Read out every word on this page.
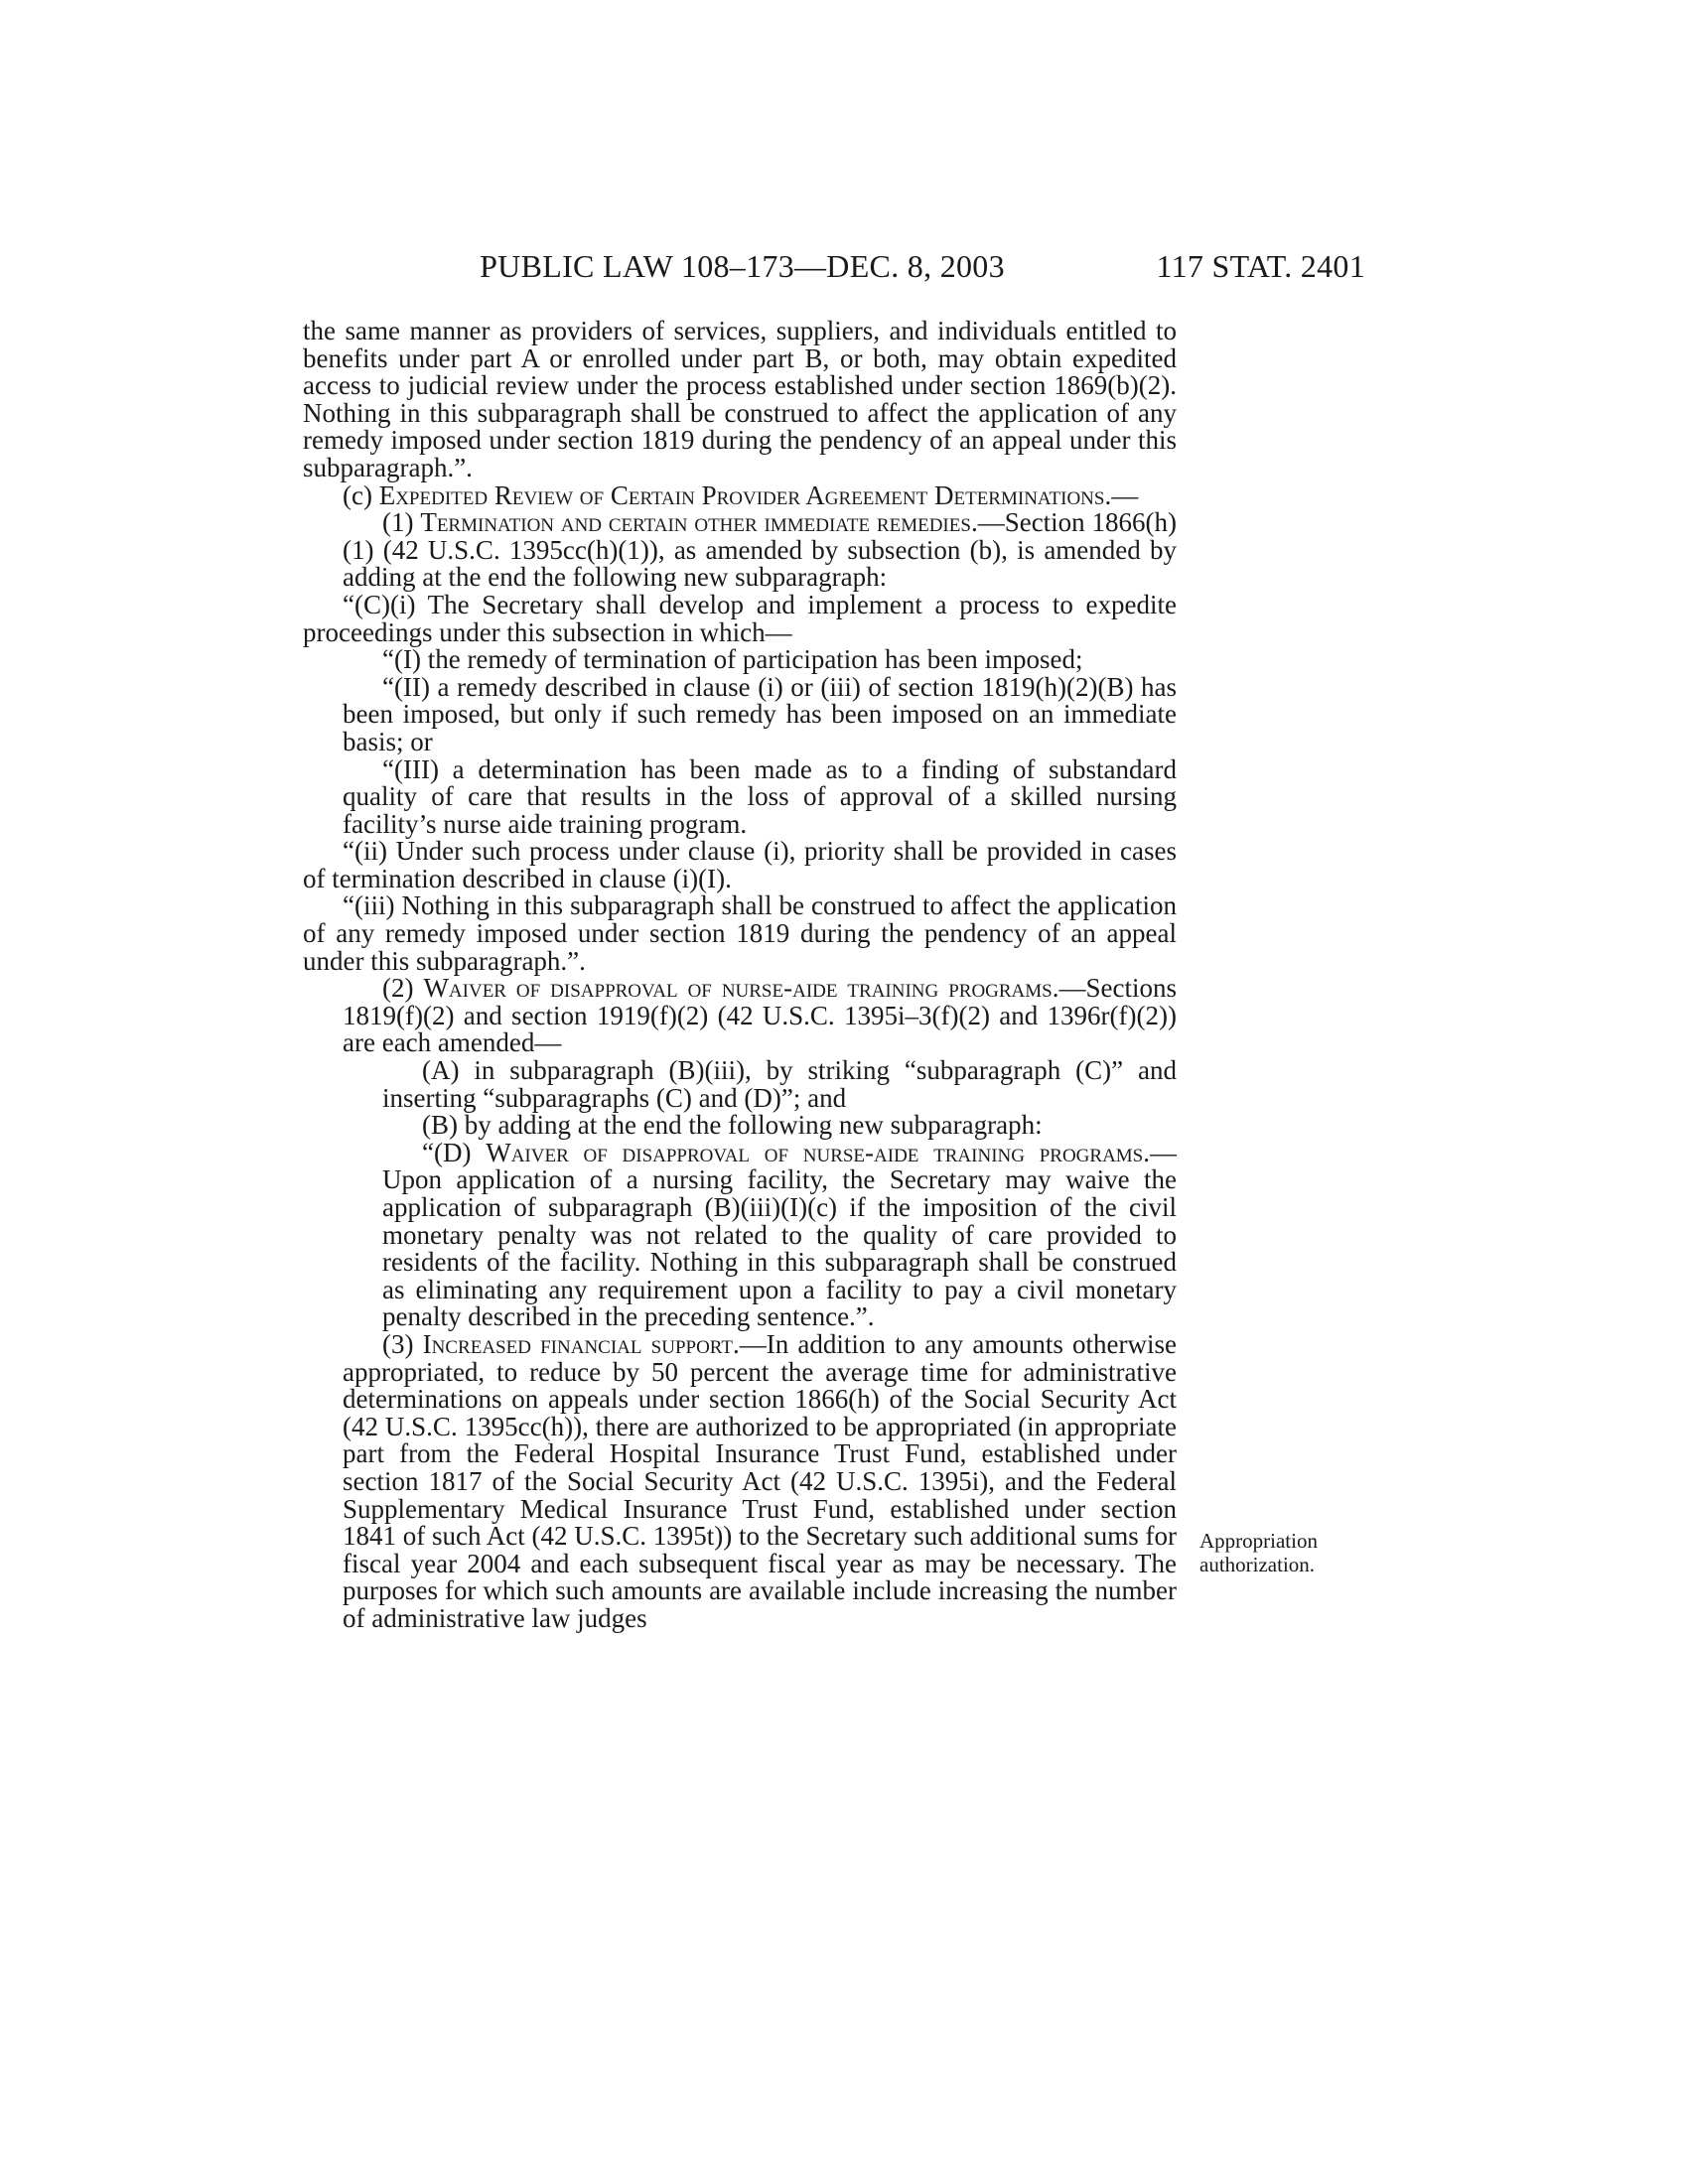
PUBLIC LAW 108–173—DEC. 8, 2003	117 STAT. 2401

the same manner as providers of services, suppliers, and individuals entitled to benefits under part A or enrolled under part B, or both, may obtain expedited access to judicial review under the process established under section 1869(b)(2). Nothing in this subparagraph shall be construed to affect the application of any remedy imposed under section 1819 during the pendency of an appeal under this subparagraph.”.

(c) Expedited Review of Certain Provider Agreement Determinations.—

(1) Termination and certain other immediate remedies.—Section 1866(h)(1) (42 U.S.C. 1395cc(h)(1)), as amended by subsection (b), is amended by adding at the end the following new subparagraph:

“(C)(i) The Secretary shall develop and implement a process to expedite proceedings under this subsection in which—

“(I) the remedy of termination of participation has been imposed;

“(II) a remedy described in clause (i) or (iii) of section 1819(h)(2)(B) has been imposed, but only if such remedy has been imposed on an immediate basis; or

“(III) a determination has been made as to a finding of substandard quality of care that results in the loss of approval of a skilled nursing facility’s nurse aide training program.

“(ii) Under such process under clause (i), priority shall be provided in cases of termination described in clause (i)(I).

“(iii) Nothing in this subparagraph shall be construed to affect the application of any remedy imposed under section 1819 during the pendency of an appeal under this subparagraph.”.

(2) Waiver of disapproval of nurse-aide training programs.—Sections 1819(f)(2) and section 1919(f)(2) (42 U.S.C. 1395i–3(f)(2) and 1396r(f)(2)) are each amended—

(A) in subparagraph (B)(iii), by striking “subparagraph (C)” and inserting “subparagraphs (C) and (D)”; and

(B) by adding at the end the following new subparagraph:

“(D) Waiver of disapproval of nurse-aide training programs.—Upon application of a nursing facility, the Secretary may waive the application of subparagraph (B)(iii)(I)(c) if the imposition of the civil monetary penalty was not related to the quality of care provided to residents of the facility. Nothing in this subparagraph shall be construed as eliminating any requirement upon a facility to pay a civil monetary penalty described in the preceding sentence.”.

(3) Increased financial support.—In addition to any amounts otherwise appropriated, to reduce by 50 percent the average time for administrative determinations on appeals under section 1866(h) of the Social Security Act (42 U.S.C. 1395cc(h)), there are authorized to be appropriated (in appropriate part from the Federal Hospital Insurance Trust Fund, established under section 1817 of the Social Security Act (42 U.S.C. 1395i), and the Federal Supplementary Medical Insurance Trust Fund, established under section 1841 of such Act (42 U.S.C. 1395t)) to the Secretary such additional sums for fiscal year 2004 and each subsequent fiscal year as may be necessary. The purposes for which such amounts are available include increasing the number of administrative law judges

Appropriation
authorization.
